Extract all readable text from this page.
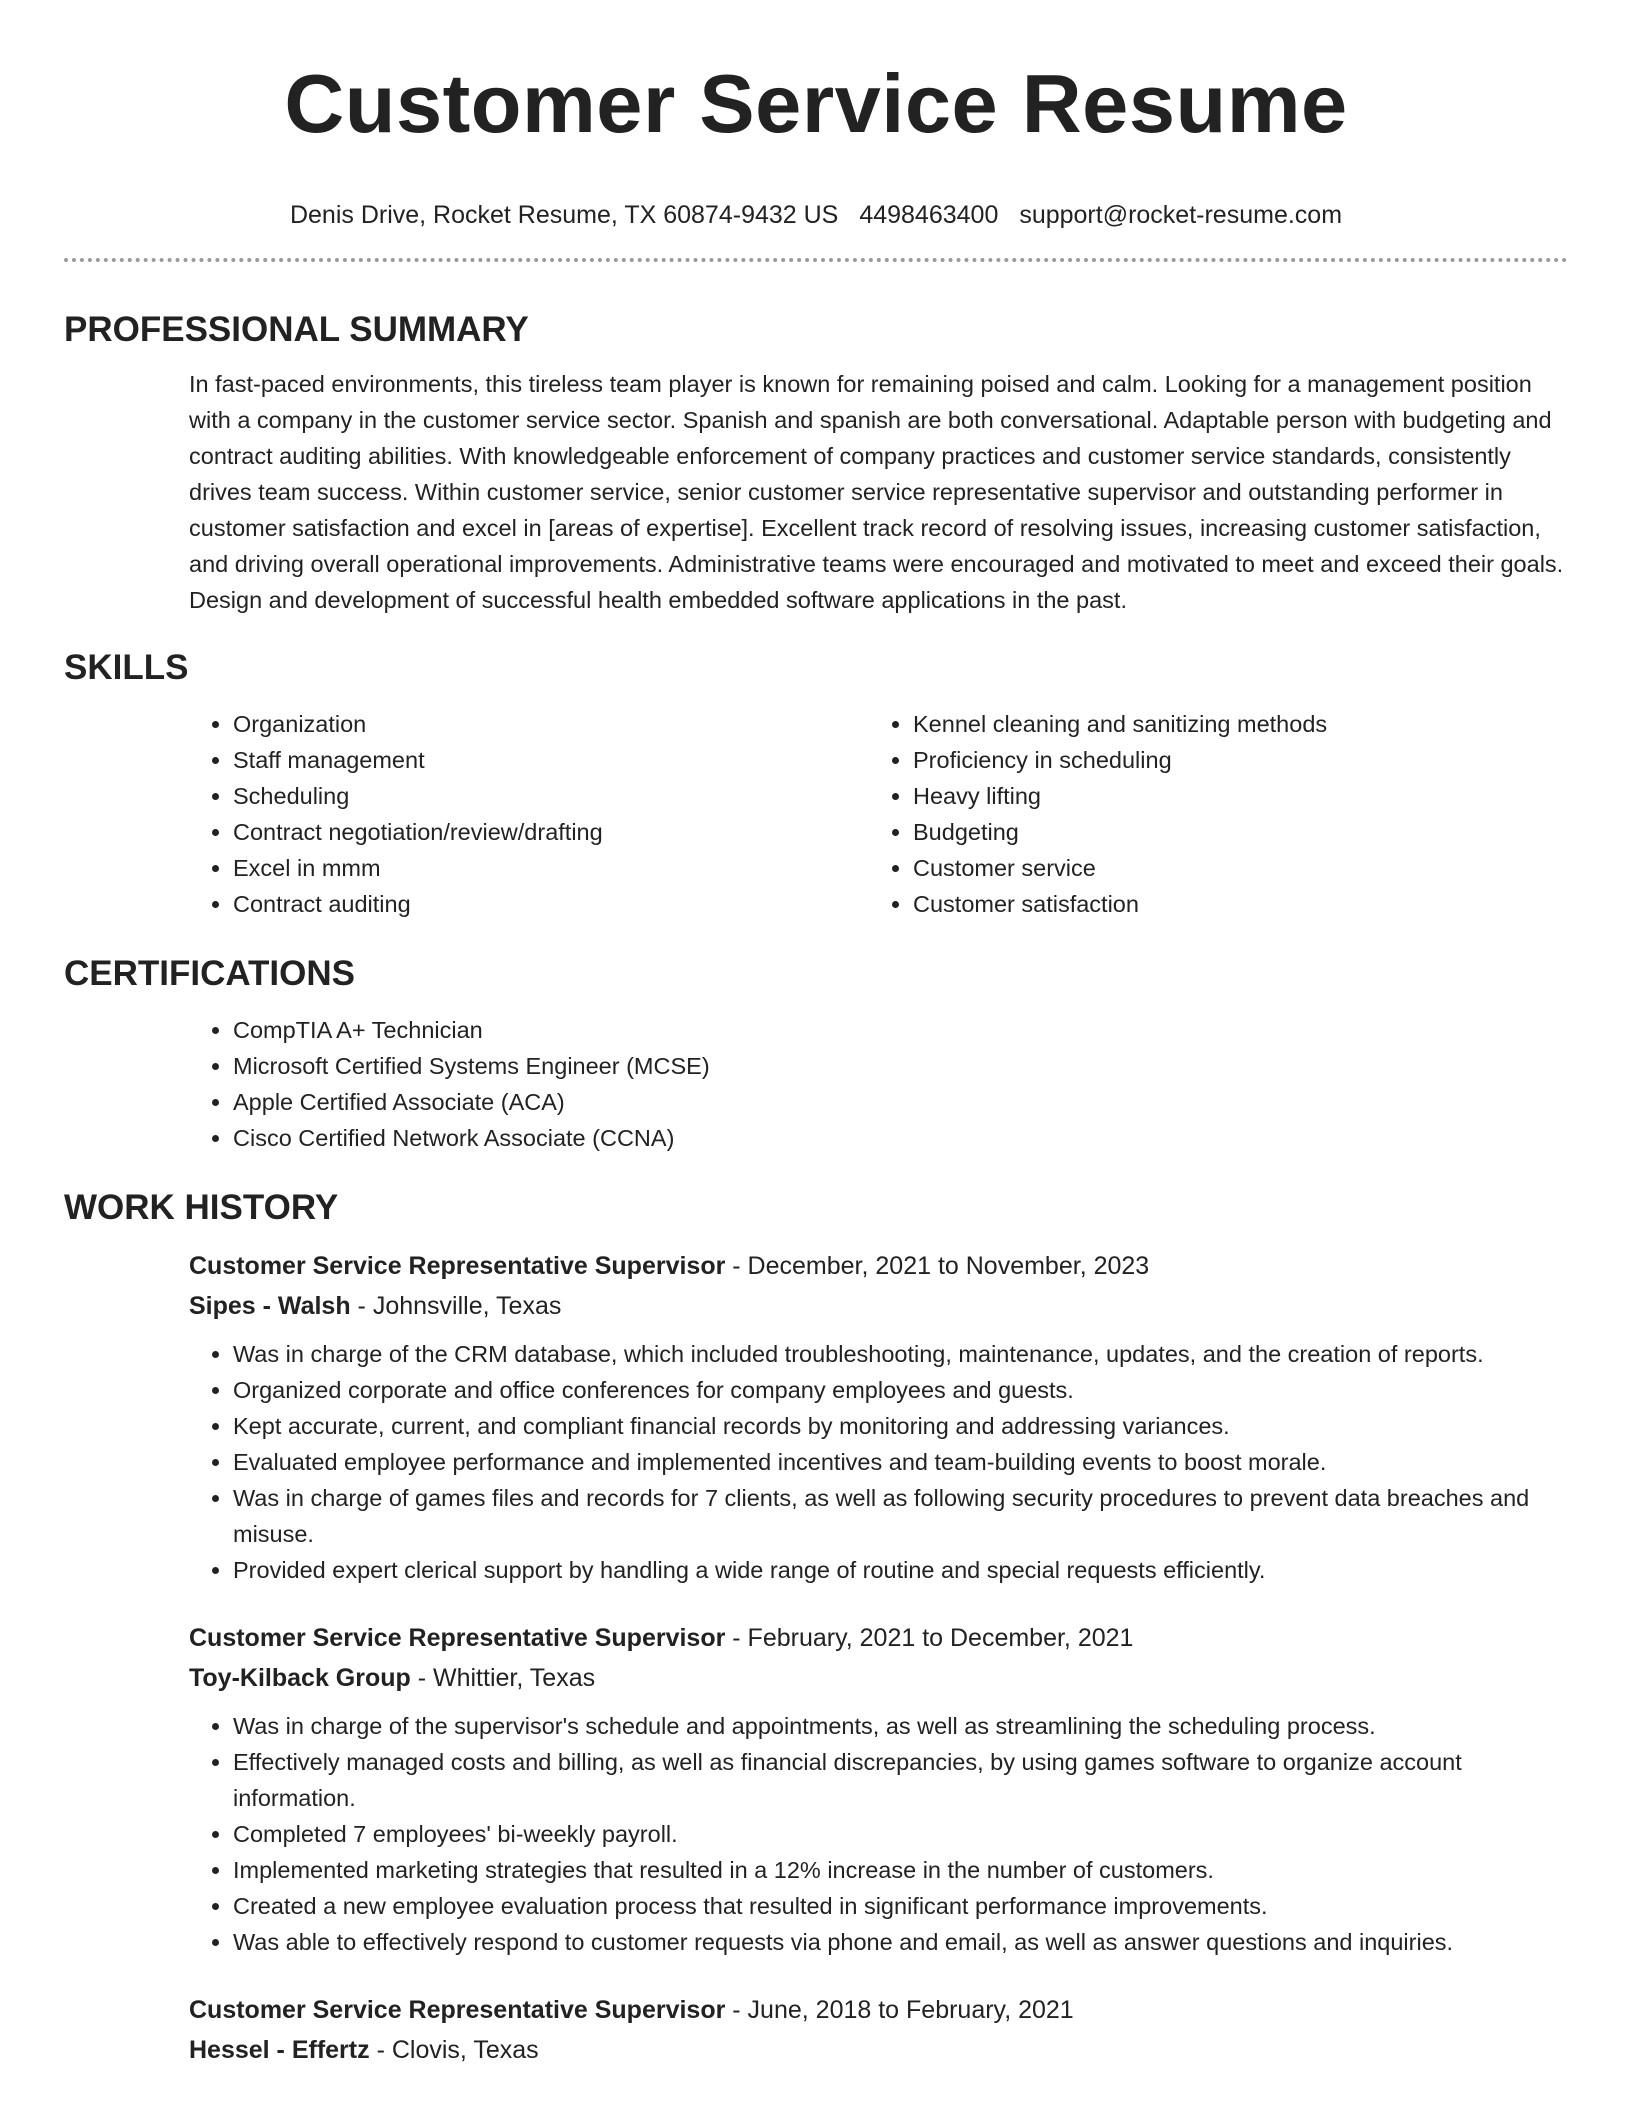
Customer Service Resume
Denis Drive, Rocket Resume, TX 60874-9432 US 4498463400 support@rocket-resume.com
PROFESSIONAL SUMMARY
In fast-paced environments, this tireless team player is known for remaining poised and calm. Looking for a management position with a company in the customer service sector. Spanish and spanish are both conversational. Adaptable person with budgeting and contract auditing abilities. With knowledgeable enforcement of company practices and customer service standards, consistently drives team success. Within customer service, senior customer service representative supervisor and outstanding performer in customer satisfaction and excel in [areas of expertise]. Excellent track record of resolving issues, increasing customer satisfaction, and driving overall operational improvements. Administrative teams were encouraged and motivated to meet and exceed their goals. Design and development of successful health embedded software applications in the past.
SKILLS
• Organization
• Staff management
• Scheduling
• Contract negotiation/review/drafting
• Excel in mmm
• Contract auditing
• Kennel cleaning and sanitizing methods
• Proficiency in scheduling
• Heavy lifting
• Budgeting
• Customer service
• Customer satisfaction
CERTIFICATIONS
• CompTIA A+ Technician
• Microsoft Certified Systems Engineer (MCSE)
• Apple Certified Associate (ACA)
• Cisco Certified Network Associate (CCNA)
WORK HISTORY
Customer Service Representative Supervisor - December, 2021 to November, 2023
Sipes - Walsh - Johnsville, Texas
• Was in charge of the CRM database, which included troubleshooting, maintenance, updates, and the creation of reports.
• Organized corporate and office conferences for company employees and guests.
• Kept accurate, current, and compliant financial records by monitoring and addressing variances.
• Evaluated employee performance and implemented incentives and team-building events to boost morale.
• Was in charge of games files and records for 7 clients, as well as following security procedures to prevent data breaches and misuse.
• Provided expert clerical support by handling a wide range of routine and special requests efficiently.
Customer Service Representative Supervisor - February, 2021 to December, 2021
Toy-Kilback Group - Whittier, Texas
• Was in charge of the supervisor's schedule and appointments, as well as streamlining the scheduling process.
• Effectively managed costs and billing, as well as financial discrepancies, by using games software to organize account information.
• Completed 7 employees' bi-weekly payroll.
• Implemented marketing strategies that resulted in a 12% increase in the number of customers.
• Created a new employee evaluation process that resulted in significant performance improvements.
• Was able to effectively respond to customer requests via phone and email, as well as answer questions and inquiries.
Customer Service Representative Supervisor - June, 2018 to February, 2021
Hessel - Effertz - Clovis, Texas
